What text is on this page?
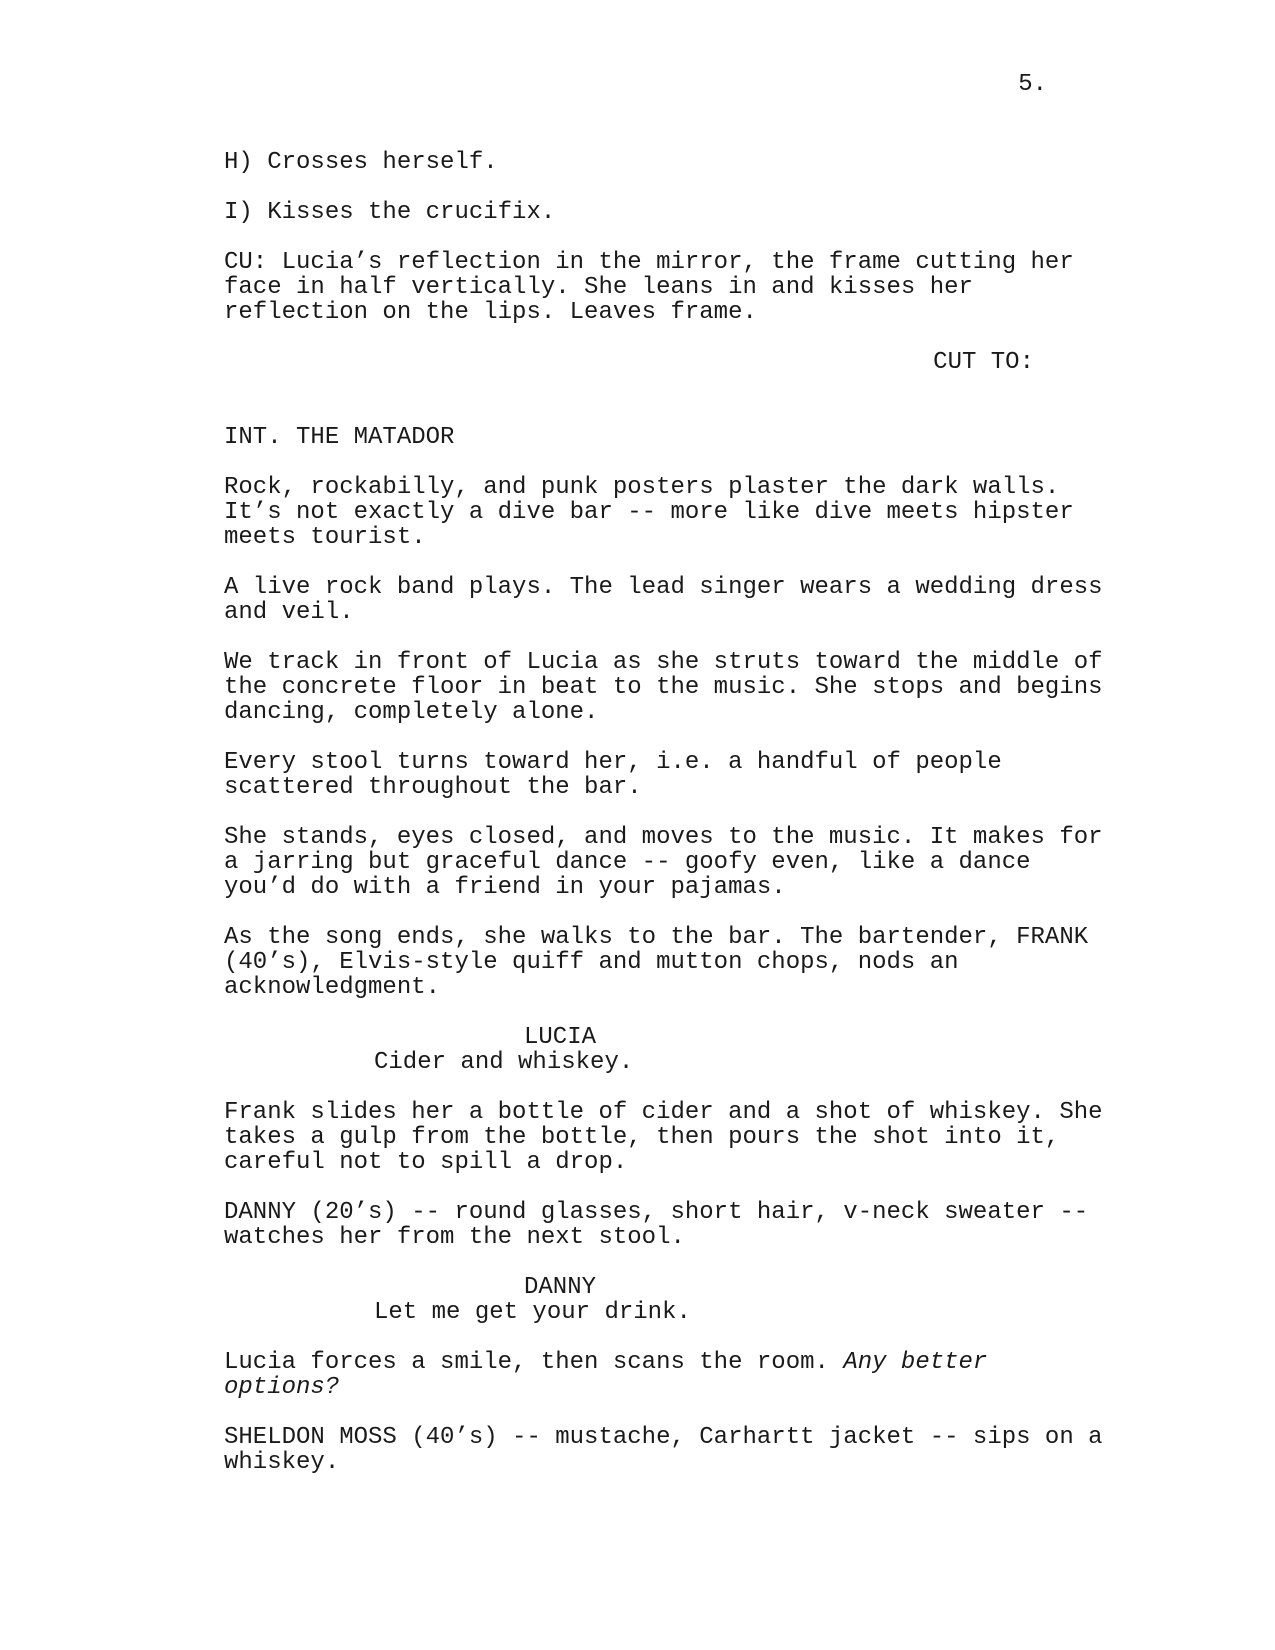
5.

H) Crosses herself.

I) Kisses the crucifix.

CU: Lucia’s reflection in the mirror, the frame cutting her
face in half vertically. She leans in and kisses her
reflection on the lips. Leaves frame.

CUT TO:

INT. THE MATADOR

Rock, rockabilly, and punk posters plaster the dark walls.
It’s not exactly a dive bar -- more like dive meets hipster
meets tourist.

A live rock band plays. The lead singer wears a wedding dress
and veil.

We track in front of Lucia as she struts toward the middle of
the concrete floor in beat to the music. She stops and begins
dancing, completely alone.

Every stool turns toward her, i.e. a handful of people
scattered throughout the bar.

She stands, eyes closed, and moves to the music. It makes for
a jarring but graceful dance -- goofy even, like a dance
you’d do with a friend in your pajamas.

As the song ends, she walks to the bar. The bartender, FRANK
(40’s), Elvis-style quiff and mutton chops, nods an
acknowledgment.

LUCIA

Cider and whiskey.

Frank slides her a bottle of cider and a shot of whiskey. She
takes a gulp from the bottle, then pours the shot into it,
careful not to spill a drop.

DANNY (20’s) -- round glasses, short hair, v-neck sweater --
watches her from the next stool.

DANNY

Let me get your drink.

Lucia forces a smile, then scans the room. Any better
options?

SHELDON MOSS (40’s) -- mustache, Carhartt jacket -- sips on a
whiskey.
